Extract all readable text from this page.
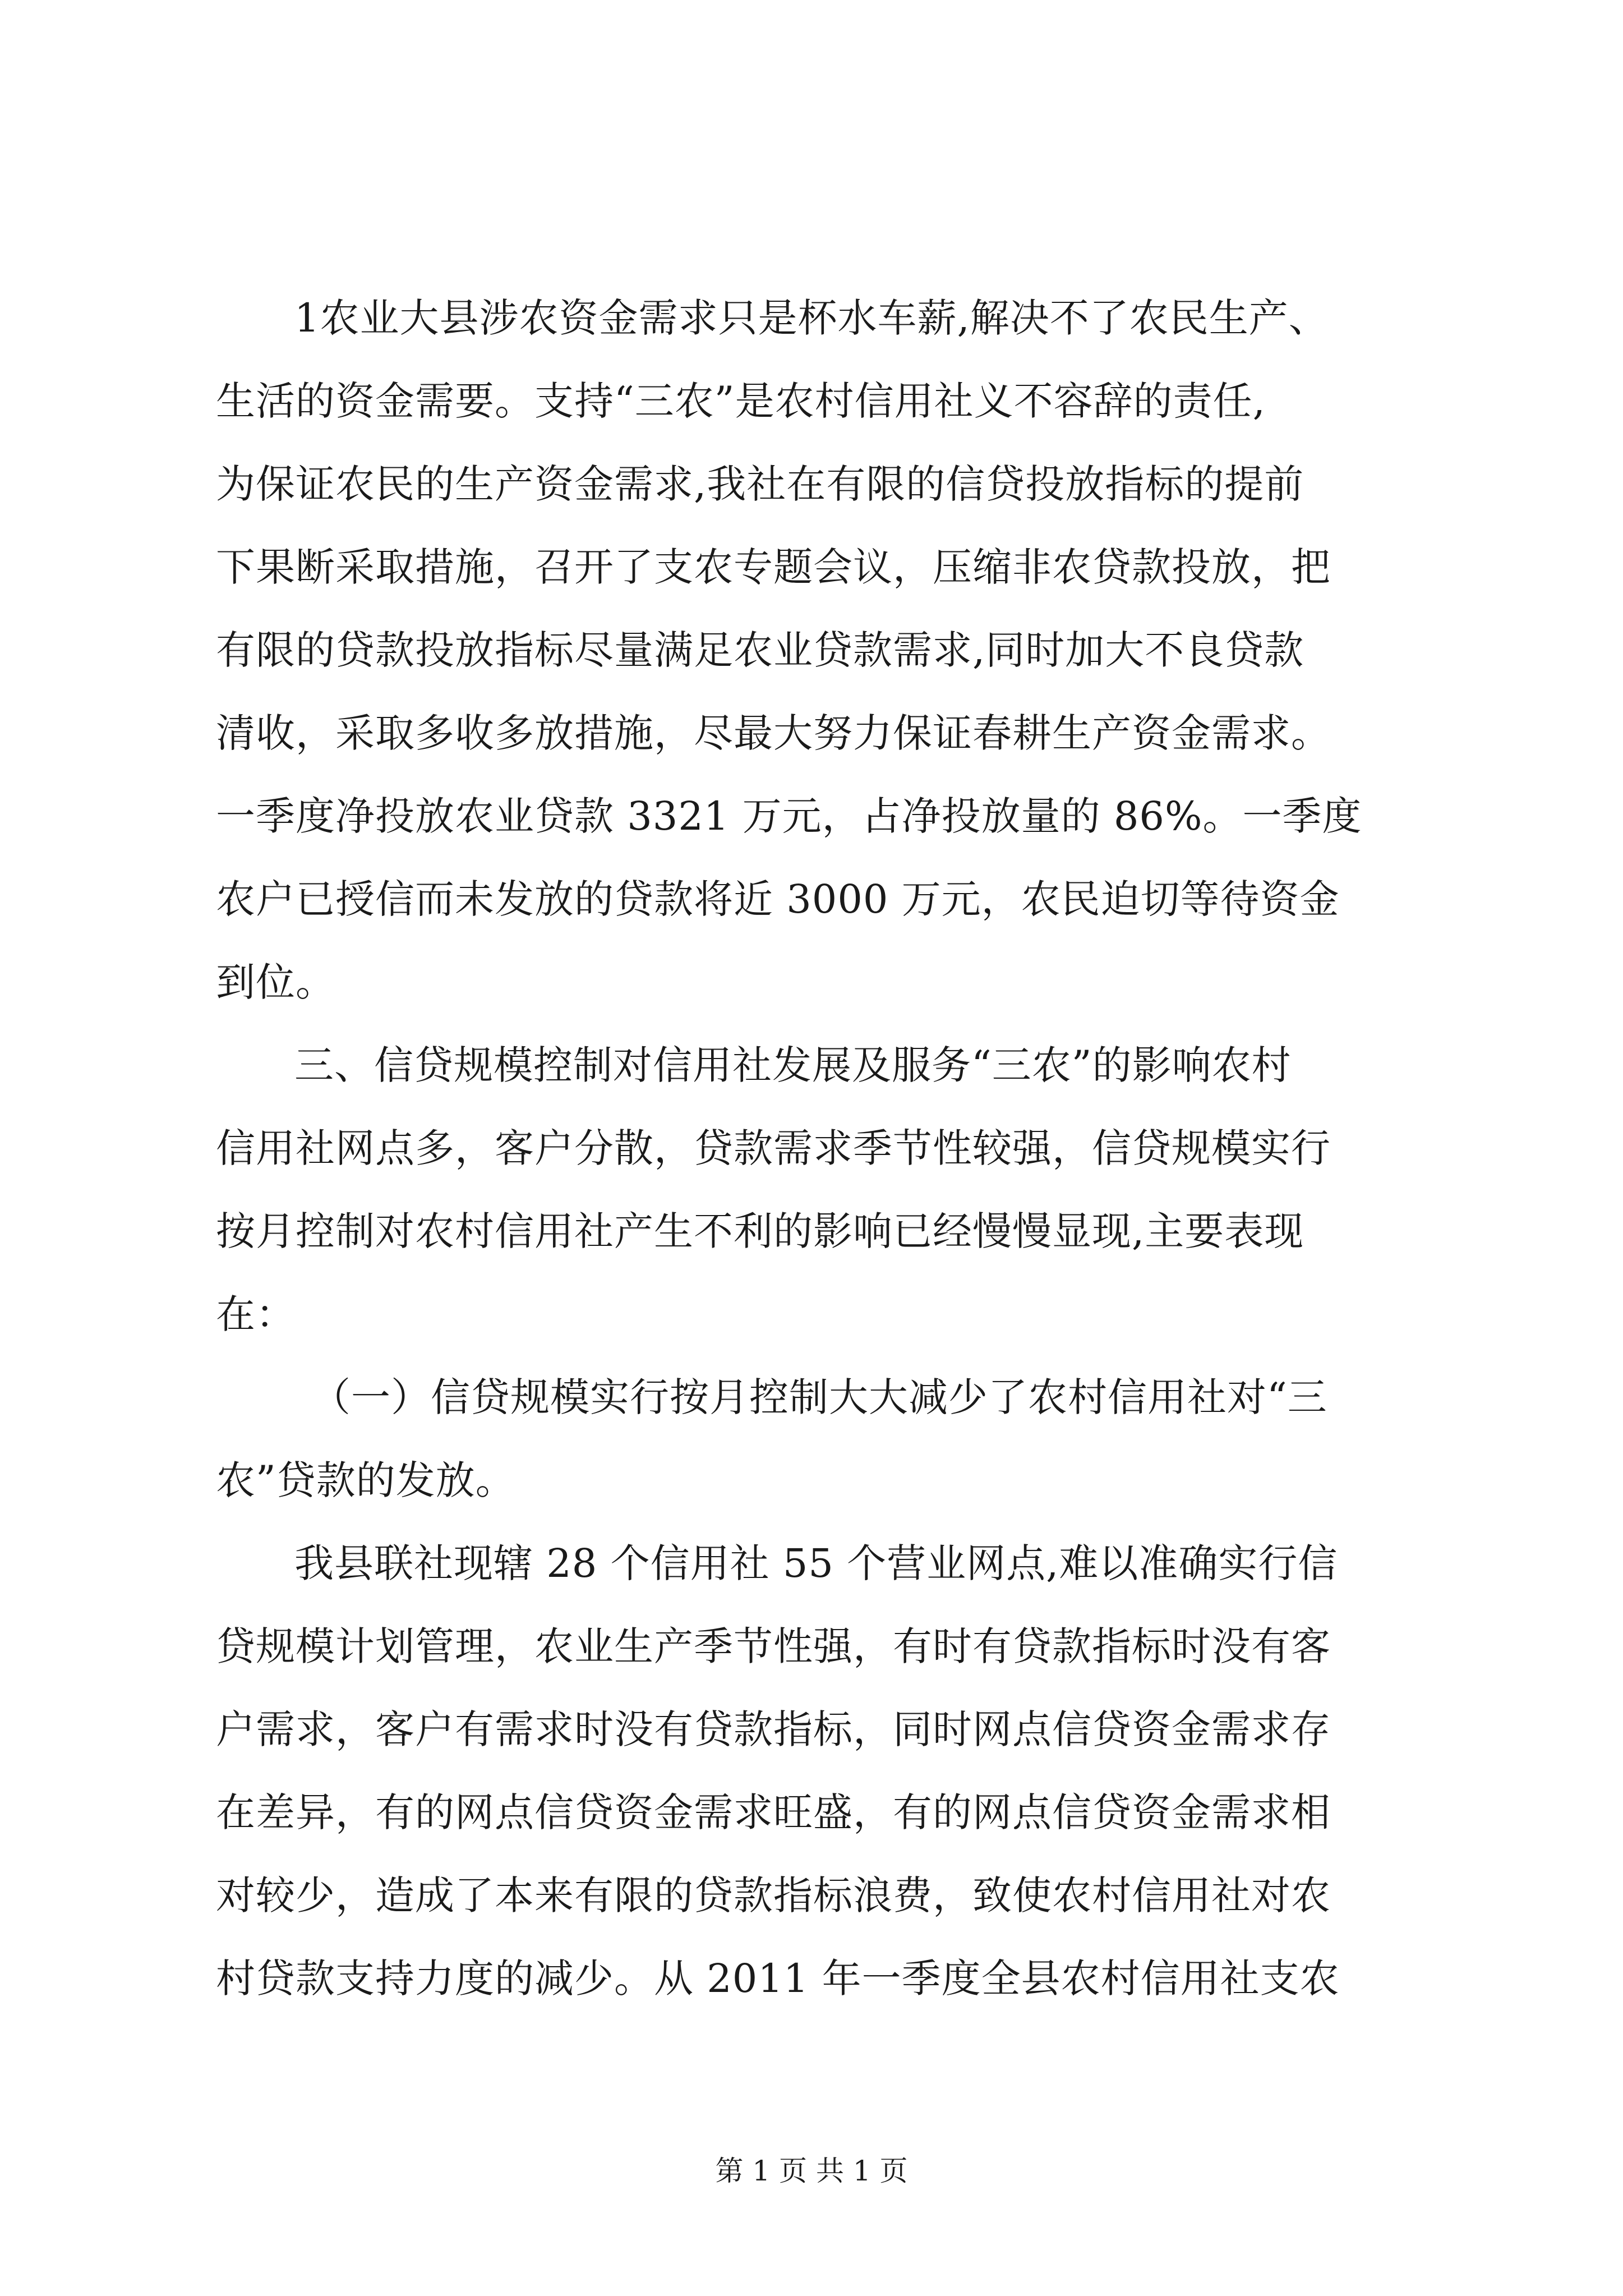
1农业大县涉农资金需求只是杯水车薪,解决不了农民生产、
生活的资金需要。支持“三农”是农村信用社义不容辞的责任,
为保证农民的生产资金需求,我社在有限的信贷投放指标的提前
下果断采取措施，召开了支农专题会议，压缩非农贷款投放，把
有限的贷款投放指标尽量满足农业贷款需求,同时加大不良贷款
清收，采取多收多放措施，尽最大努力保证春耕生产资金需求。
一季度净投放农业贷款 3321 万元，占净投放量的 86%。一季度
农户已授信而未发放的贷款将近 3000 万元，农民迫切等待资金
到位。
三、信贷规模控制对信用社发展及服务“三农”的影响农村
信用社网点多，客户分散，贷款需求季节性较强，信贷规模实行
按月控制对农村信用社产生不利的影响已经慢慢显现,主要表现
在：
（一）信贷规模实行按月控制大大减少了农村信用社对“三
农”贷款的发放。
我县联社现辖 28 个信用社 55 个营业网点,难以准确实行信
贷规模计划管理，农业生产季节性强，有时有贷款指标时没有客
户需求，客户有需求时没有贷款指标，同时网点信贷资金需求存
在差异，有的网点信贷资金需求旺盛，有的网点信贷资金需求相
对较少，造成了本来有限的贷款指标浪费，致使农村信用社对农
村贷款支持力度的减少。从 2011 年一季度全县农村信用社支农
第 1 页 共 1 页
